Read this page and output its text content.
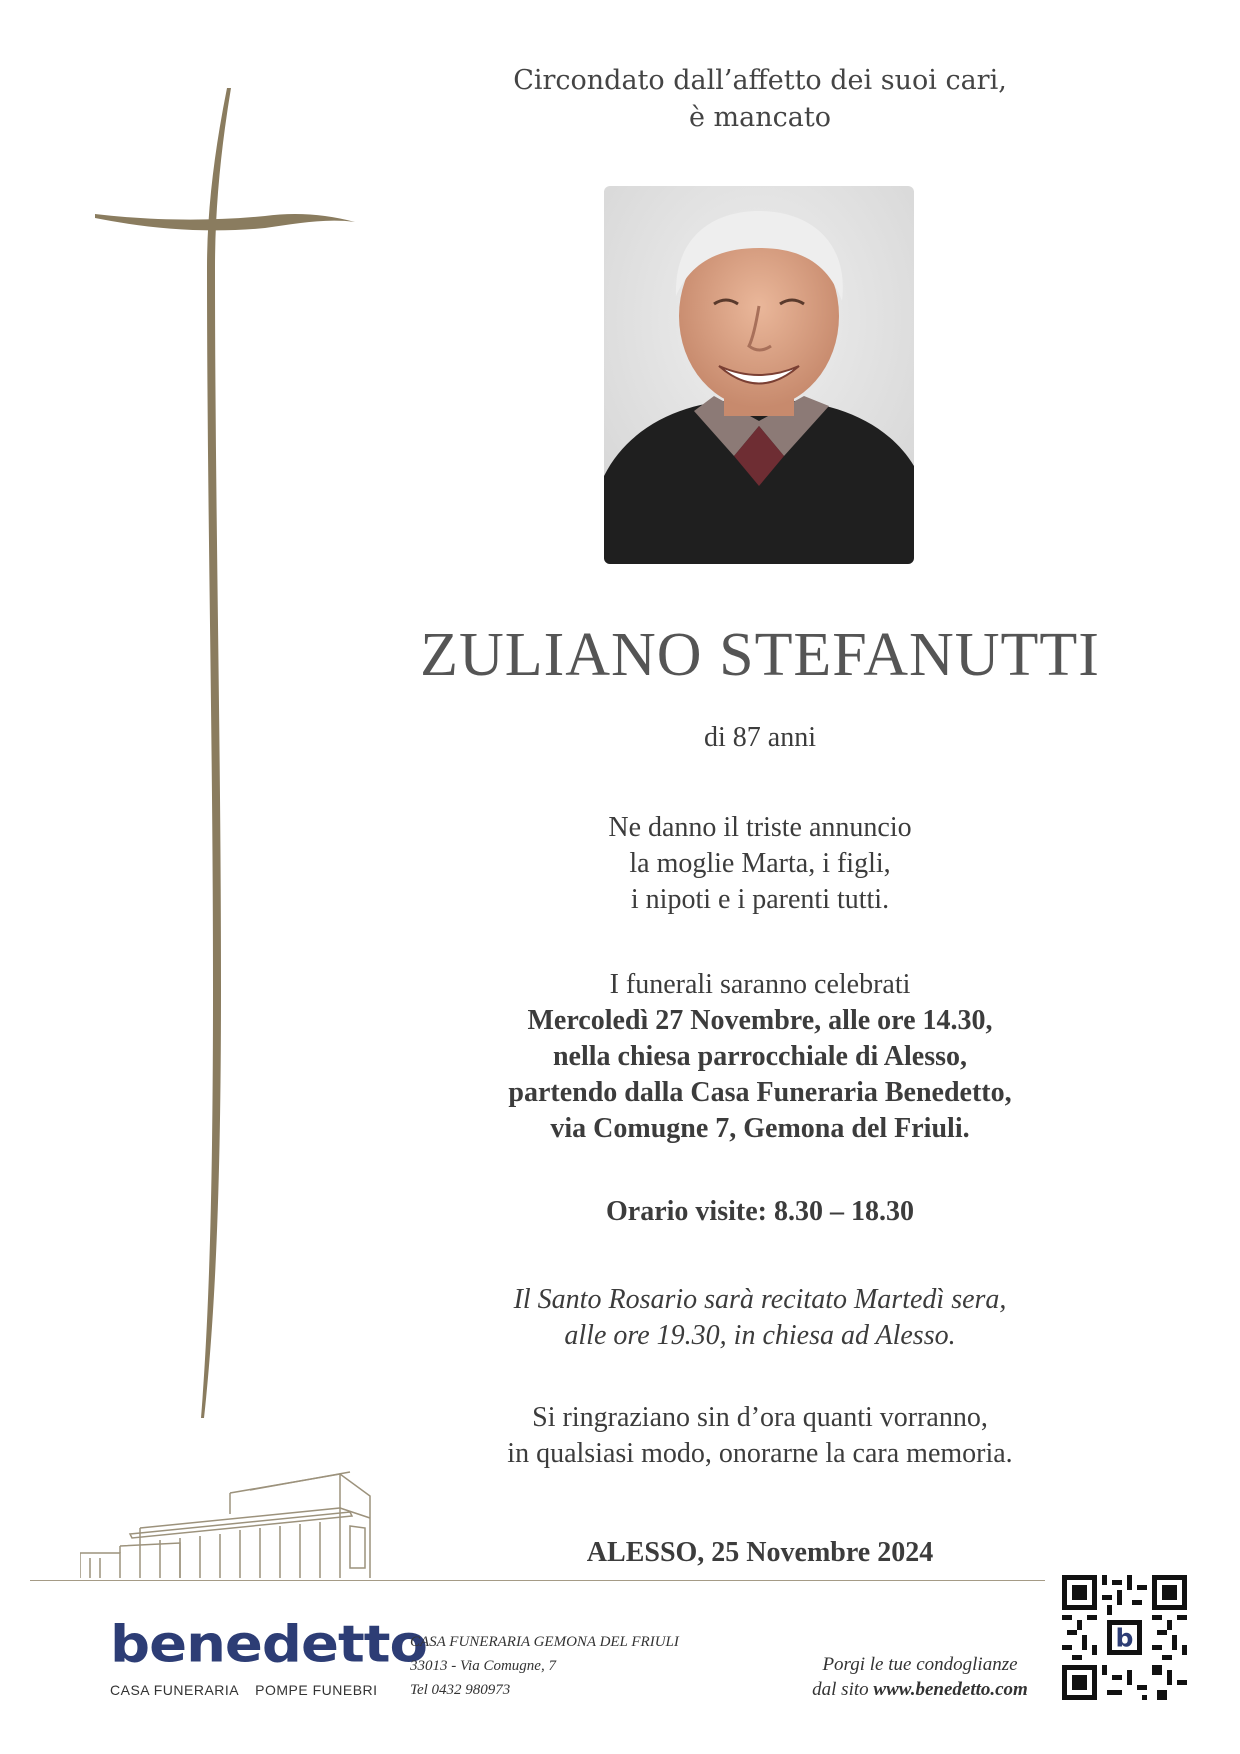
Circondato dall’affetto dei suoi cari,
è mancato
ZULIANO STEFANUTTI
di 87 anni
Ne danno il triste annuncio
la moglie Marta, i figli,
i nipoti e i parenti tutti.
I funerali saranno celebrati
Mercoledì 27 Novembre, alle ore 14.30,
nella chiesa parrocchiale di Alesso,
partendo dalla Casa Funeraria Benedetto,
via Comugne 7, Gemona del Friuli.
Orario visite: 8.30 – 18.30
Il Santo Rosario sarà recitato Martedì sera,
alle ore 19.30, in chiesa ad Alesso.
Si ringraziano sin d’ora quanti vorranno,
in qualsiasi modo, onorarne la cara memoria.
ALESSO, 25 Novembre 2024
benedetto
CASA FUNERARIA POMPE FUNEBRI
CASA FUNERARIA GEMONA DEL FRIULI
33013 - Via Comugne, 7
Tel 0432 980973
Porgi le tue condoglianze
dal sito www.benedetto.com
b
